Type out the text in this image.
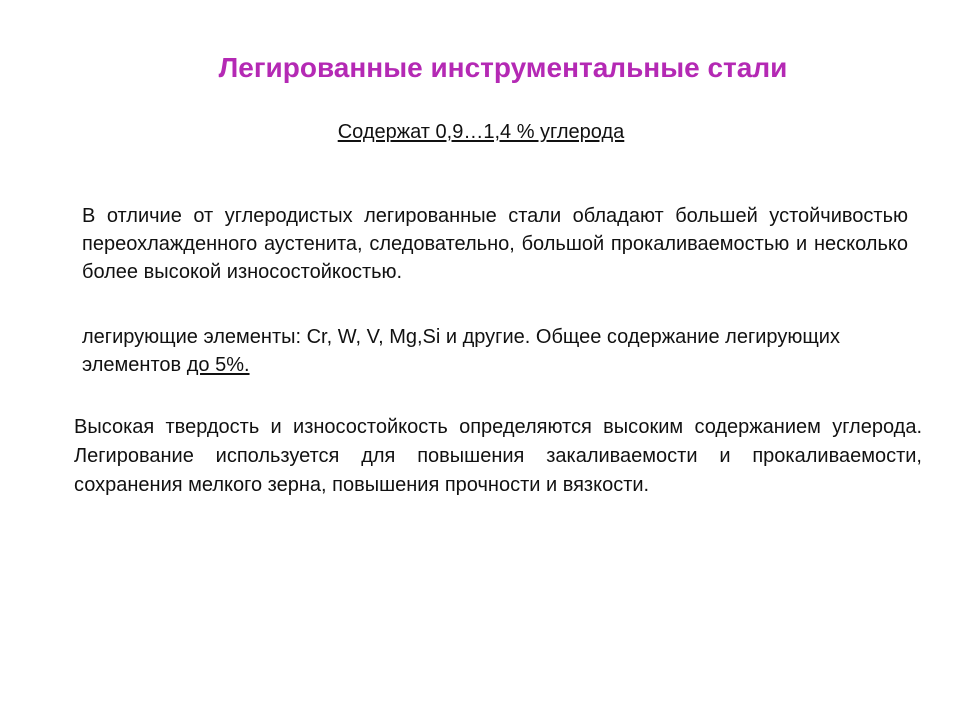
Легированные инструментальные стали
Содержат 0,9…1,4 % углерода
В отличие от углеродистых легированные стали обладают большей устойчивостью переохлажденного аустенита, следовательно, большой прокаливаемостью и несколько более высокой износостойкостью.
легирующие элементы: Cr, W, V, Mg,Si и другие. Общее содержание легирующих элементов до 5%.
Высокая твердость и износостойкость определяются высоким содержанием углерода. Легирование используется для повышения закаливаемости и прокаливаемости, сохранения мелкого зерна, повышения прочности и вязкости.
